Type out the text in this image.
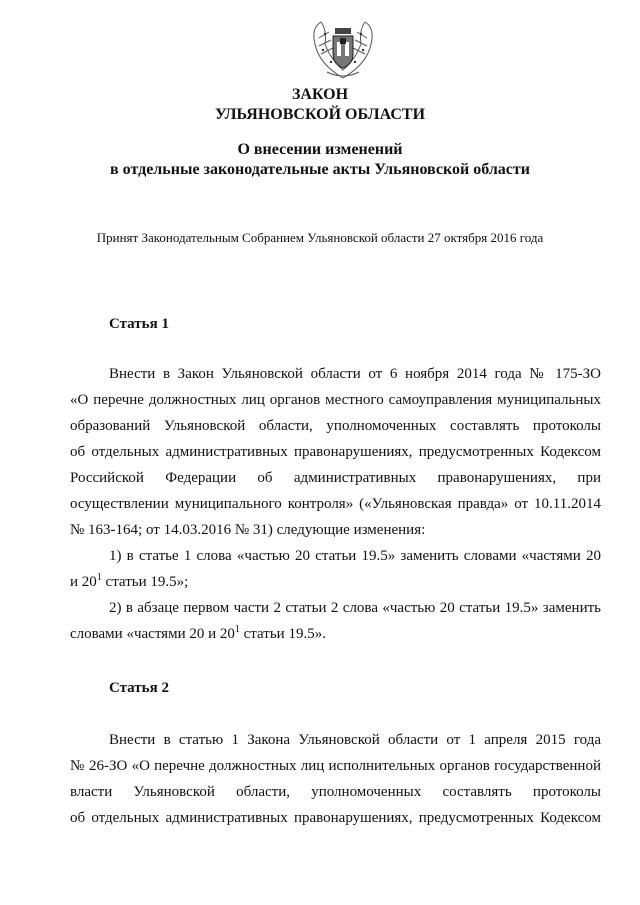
ЗАКОН

УЛЬЯНОВСКОЙ ОБЛАСТИ

О внесении изменений

в отдельные законодательные акты Ульяновской области

Принят Законодательным Собранием Ульяновской области 27 октября 2016 года

Статья 1

Внести в Закон Ульяновской области от 6 ноября 2014 года № 175-ЗО

«О перечне должностных лиц органов местного самоуправления муниципальных

образований Ульяновской области, уполномоченных составлять протоколы

об отдельных административных правонарушениях, предусмотренных Кодексом

Российской Федерации об административных правонарушениях, при

осуществлении муниципального контроля» («Ульяновская правда» от 10.11.2014

№ 163-164; от 14.03.2016 № 31) следующие изменения:

1) в статье 1 слова «частью 20 статьи 19.5» заменить словами «частями 20

и $20^1$ статьи 19.5»;

2) в абзаце первом части 2 статьи 2 слова «частью 20 статьи 19.5» заменить

словами «частями 20 и $20^1$ статьи 19.5».

Статья 2

Внести в статью 1 Закона Ульяновской области от 1 апреля 2015 года

№ 26-ЗО «О перечне должностных лиц исполнительных органов государственной

власти Ульяновской области, уполномоченных составлять протоколы

об отдельных административных правонарушениях, предусмотренных Кодексом
